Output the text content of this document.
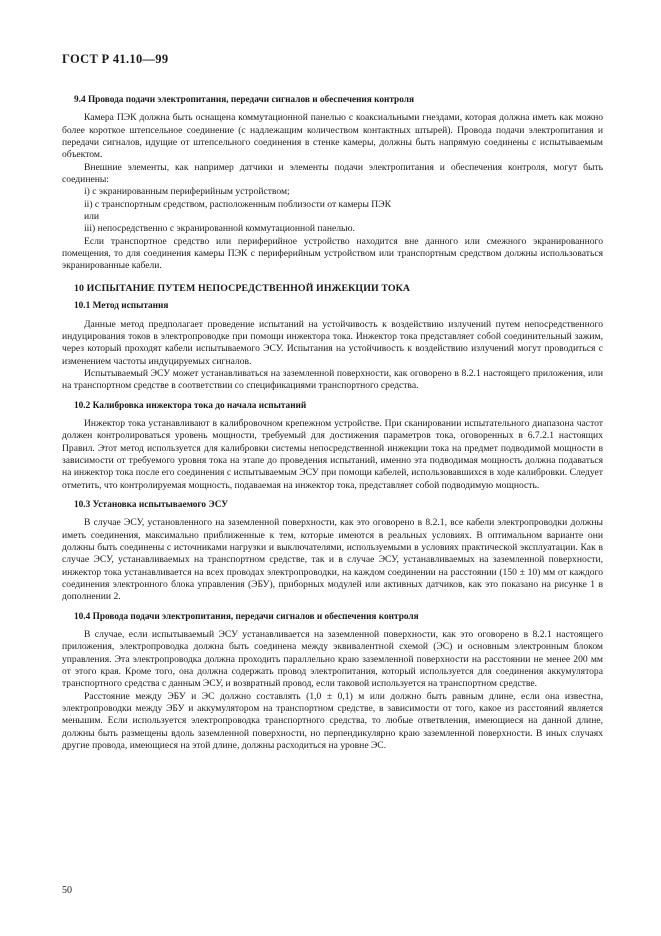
ГОСТ Р 41.10—99
9.4 Провода подачи электропитания, передачи сигналов и обеспечения контроля

Камера ПЭК должна быть оснащена коммутационной панелью с коаксиальными гнездами, которая должна иметь как можно более короткое штепсельное соединение (с надлежащим количеством контактных штырей). Провода подачи электропитания и передачи сигналов, идущие от штепсельного соединения в стенке камеры, должны быть напрямую соединены с испытываемым объектом.

Внешние элементы, как например датчики и элементы подачи электропитания и обеспечения контроля, могут быть соединены:

i) с экранированным периферийным устройством;
ii) с транспортным средством, расположенным поблизости от камеры ПЭК
или
iii) непосредственно с экранированной коммутационной панелью.

Если транспортное средство или периферийное устройство находится вне данного или смежного экранированного помещения, то для соединения камеры ПЭК с периферийным устройством или транспортным средством должны использоваться экранированные кабели.

10 ИСПЫТАНИЕ ПУТЕМ НЕПОСРЕДСТВЕННОЙ ИНЖЕКЦИИ ТОКА
10.1 Метод испытания

Данные метод предполагает проведение испытаний на устойчивость к воздействию излучений путем непосредственного индуцирования токов в электропроводке при помощи инжектора тока. Инжектор тока представляет собой соединительный зажим, через который проходят кабели испытываемого ЭСУ. Испытания на устойчивость к воздействию излучений могут проводиться с изменением частоты индуцируемых сигналов.

Испытываемый ЭСУ может устанавливаться на заземленной поверхности, как оговорено в 8.2.1 настоящего приложения, или на транспортном средстве в соответствии со спецификациями транспортного средства.

10.2 Калибровка инжектора тока до начала испытаний

Инжектор тока устанавливают в калибровочном крепежном устройстве. При сканировании испытательного диапазона частот должен контролироваться уровень мощности, требуемый для достижения параметров тока, оговоренных в 6.7.2.1 настоящих Правил. Этот метод используется для калибровки системы непосредственной инжекции тока на предмет подводимой мощности в зависимости от требуемого уровня тока на этапе до проведения испытаний, именно эта подводимая мощность должна подаваться на инжектор тока после его соединения с испытываемым ЭСУ при помощи кабелей, использовавшихся в ходе калибровки. Следует отметить, что контролируемая мощность, подаваемая на инжектор тока, представляет собой подводимую мощность.

10.3 Установка испытываемого ЭСУ

В случае ЭСУ, установленного на заземленной поверхности, как это оговорено в 8.2.1, все кабели электропроводки должны иметь соединения, максимально приближенные к тем, которые имеются в реальных условиях. В оптимальном варианте они должны быть соединены с источниками нагрузки и выключателями, используемыми в условиях практической эксплуатации. Как в случае ЭСУ, устанавливаемых на транспортном средстве, так и в случае ЭСУ, устанавливаемых на заземленной поверхности, инжектор тока устанавливается на всех проводах электропроводки, на каждом соединении на расстоянии (150 ± 10) мм от каждого соединения электронного блока управления (ЭБУ), приборных модулей или активных датчиков, как это показано на рисунке 1 в дополнении 2.

10.4 Провода подачи электропитания, передачи сигналов и обеспечения контроля

В случае, если испытываемый ЭСУ устанавливается на заземленной поверхности, как это оговорено в 8.2.1 настоящего приложения, электропроводка должна быть соединена между эквивалентной схемой (ЭС) и основным электронным блоком управления. Эта электропроводка должна проходить параллельно краю заземленной поверхности на расстоянии не менее 200 мм от этого края. Кроме того, она должна содержать провод электропитания, который используется для соединения аккумулятора транспортного средства с данным ЭСУ, и возвратный провод, если таковой используется на транспортном средстве.

Расстояние между ЭБУ и ЭС должно составлять (1,0 ± 0,1) м или должно быть равным длине, если она известна, электропроводки между ЭБУ и аккумулятором на транспортном средстве, в зависимости от того, какое из расстояний является меньшим. Если используется электропроводка транспортного средства, то любые ответвления, имеющиеся на данной длине, должны быть размещены вдоль заземленной поверхности, но перпендикулярно краю заземленной поверхности. В иных случаях другие провода, имеющиеся на этой длине, должны расходиться на уровне ЭС.

50
